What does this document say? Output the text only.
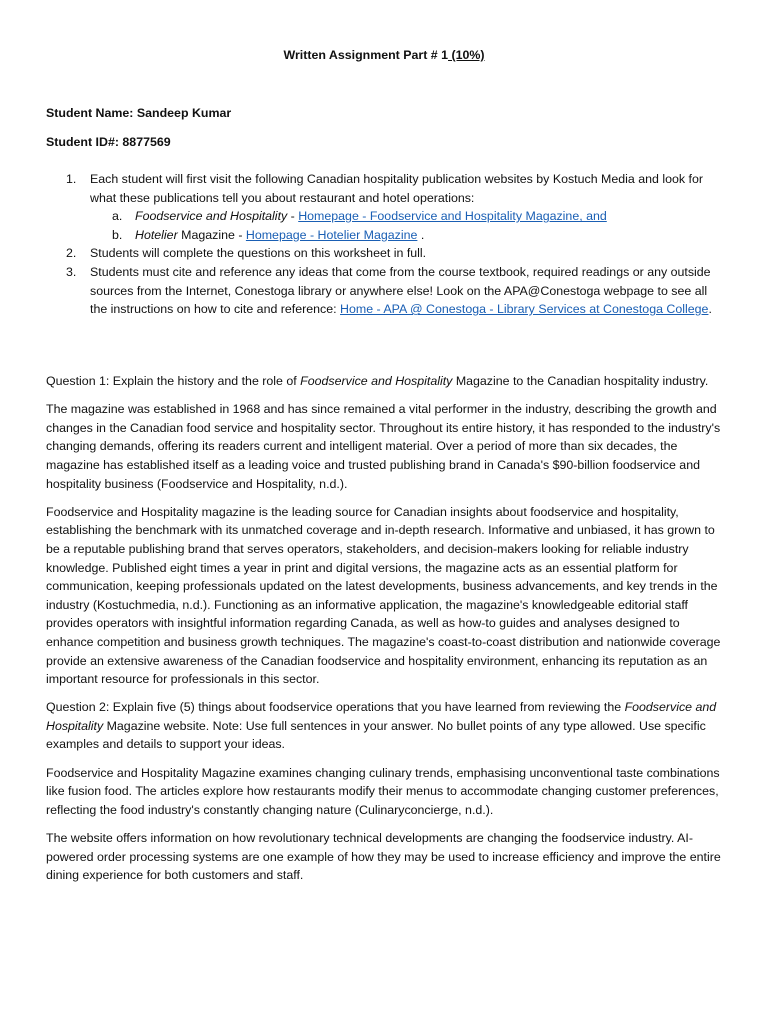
Written Assignment Part # 1 (10%)
Student Name: Sandeep Kumar
Student ID#: 8877569
1. Each student will first visit the following Canadian hospitality publication websites by Kostuch Media and look for what these publications tell you about restaurant and hotel operations:
a. Foodservice and Hospitality - Homepage - Foodservice and Hospitality Magazine, and
b. Hotelier Magazine - Homepage - Hotelier Magazine .
2. Students will complete the questions on this worksheet in full.
3. Students must cite and reference any ideas that come from the course textbook, required readings or any outside sources from the Internet, Conestoga library or anywhere else! Look on the APA@Conestoga webpage to see all the instructions on how to cite and reference: Home - APA @ Conestoga - Library Services at Conestoga College.

Question 1: Explain the history and the role of Foodservice and Hospitality Magazine to the Canadian hospitality industry.

The magazine was established in 1968 and has since remained a vital performer in the industry, describing the growth and changes in the Canadian food service and hospitality sector. Throughout its entire history, it has responded to the industry's changing demands, offering its readers current and intelligent material. Over a period of more than six decades, the magazine has established itself as a leading voice and trusted publishing brand in Canada's $90-billion foodservice and hospitality business (Foodservice and Hospitality, n.d.).

Foodservice and Hospitality magazine is the leading source for Canadian insights about foodservice and hospitality, establishing the benchmark with its unmatched coverage and in-depth research. Informative and unbiased, it has grown to be a reputable publishing brand that serves operators, stakeholders, and decision-makers looking for reliable industry knowledge. Published eight times a year in print and digital versions, the magazine acts as an essential platform for communication, keeping professionals updated on the latest developments, business advancements, and key trends in the industry (Kostuchmedia, n.d.). Functioning as an informative application, the magazine's knowledgeable editorial staff provides operators with insightful information regarding Canada, as well as how-to guides and analyses designed to enhance competition and business growth techniques. The magazine's coast-to-coast distribution and nationwide coverage provide an extensive awareness of the Canadian foodservice and hospitality environment, enhancing its reputation as an important resource for professionals in this sector.

Question 2: Explain five (5) things about foodservice operations that you have learned from reviewing the Foodservice and Hospitality Magazine website. Note: Use full sentences in your answer. No bullet points of any type allowed. Use specific examples and details to support your ideas.

Foodservice and Hospitality Magazine examines changing culinary trends, emphasising unconventional taste combinations like fusion food. The articles explore how restaurants modify their menus to accommodate changing customer preferences, reflecting the food industry's constantly changing nature (Culinaryconcierge, n.d.).

The website offers information on how revolutionary technical developments are changing the foodservice industry. AI-powered order processing systems are one example of how they may be used to increase efficiency and improve the entire dining experience for both customers and staff.
